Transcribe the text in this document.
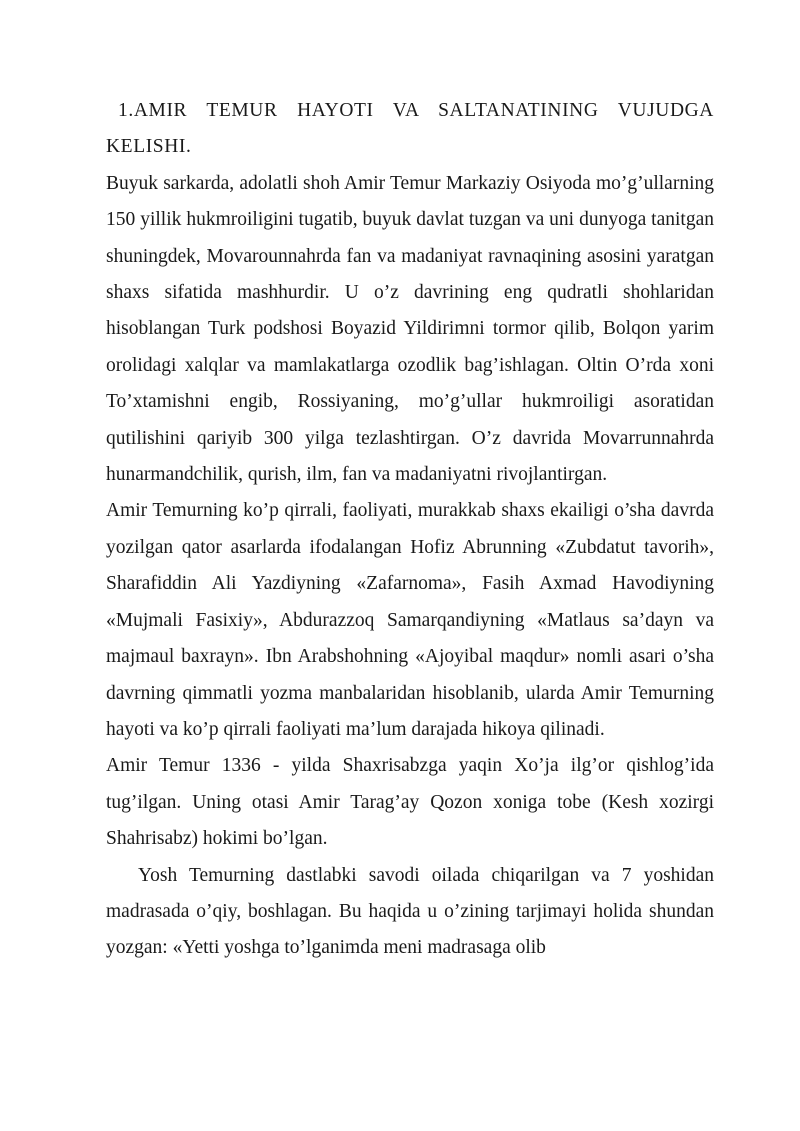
1.AMIR TEMUR HAYOTI VA SALTANATINING VUJUDGA KELISHI.

Buyuk sarkarda, adolatli shoh Amir Temur Markaziy Osiyoda mo’g’ullarning 150 yillik hukmroiligini tugatib, buyuk davlat tuzgan va uni dunyoga tanitgan shuningdek, Movarounnahrda fan va madaniyat ravnaqining asosini yaratgan shaxs sifatida mashhurdir. U o’z davrining eng qudratli shohlaridan hisoblangan Turk podshosi Boyazid Yildirimni tormor qilib, Bolqon yarim orolidagi xalqlar va mamlakatlarga ozodlik bag’ishlagan. Oltin O’rda xoni To’xtamishni engib, Rossiyaning, mo’g’ullar hukmroiligi asoratidan qutilishini qariyib 300 yilga tezlashtirgan. O’z davrida Movarrunnahrda hunarmandchilik, qurish, ilm, fan va madaniyatni rivojlantirgan.

Amir Temurning ko’p qirrali, faoliyati, murakkab shaxs ekailigi o’sha davrda yozilgan qator asarlarda ifodalangan Hofiz Abrunning «Zubdatut tavorih», Sharafiddin Ali Yazdiyning «Zafarnoma», Fasih Axmad Havodiyning «Mujmali Fasixiy», Abdurazzoq Samarqandiyning «Matlaus sa’dayn va majmaul baxrayn». Ibn Arabshohning «Ajoyibal maqdur» nomli asari o’sha davrning qimmatli yozma manbalaridan hisoblanib, ularda Amir Temurning hayoti va ko’p qirrali faoliyati ma’lum darajada hikoya qilinadi.

Amir Temur 1336 - yilda Shaxrisabzga yaqin Xo’ja ilg’or qishlog’ida tug’ilgan. Uning otasi Amir Tarag’ay Qozon xoniga tobe (Kesh xozirgi Shahrisabz) hokimi bo’lgan.

Yosh Temurning dastlabki savodi oilada chiqarilgan va 7 yoshidan madrasada o’qiy, boshlagan. Bu haqida u o’zining tarjimayi holida shundan yozgan: «Yetti yoshga to’lganimda meni madrasaga olib
